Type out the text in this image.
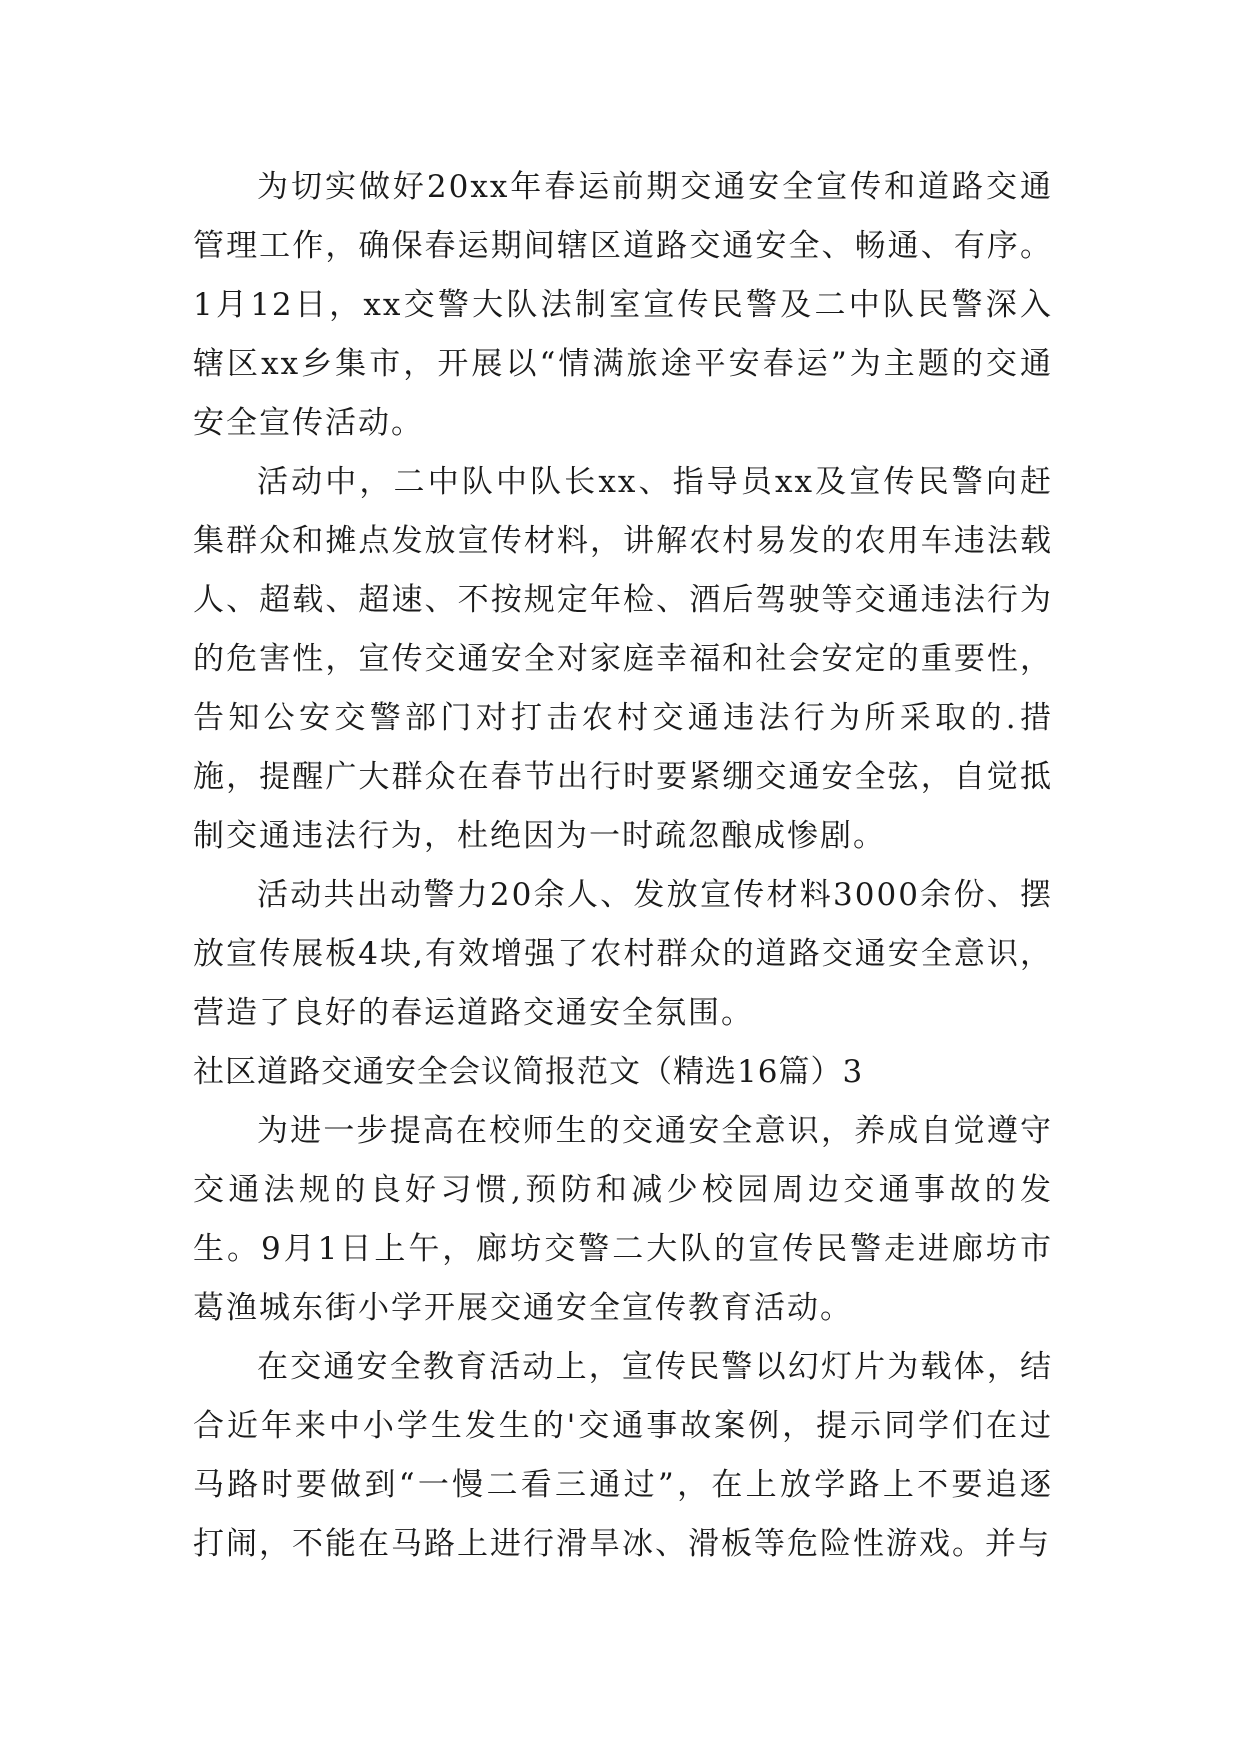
为切实做好20xx年春运前期交通安全宣传和道路交通管理工作，确保春运期间辖区道路交通安全、畅通、有序。1月12日，xx交警大队法制室宣传民警及二中队民警深入辖区xx乡集市，开展以“情满旅途平安春运”为主题的交通安全宣传活动。

活动中，二中队中队长xx、指导员xx及宣传民警向赶集群众和摊点发放宣传材料，讲解农村易发的农用车违法载人、超载、超速、不按规定年检、酒后驾驶等交通违法行为的危害性，宣传交通安全对家庭幸福和社会安定的重要性，告知公安交警部门对打击农村交通违法行为所采取的.措施，提醒广大群众在春节出行时要紧绷交通安全弦，自觉抵制交通违法行为，杜绝因为一时疏忽酿成惨剧。

活动共出动警力20余人、发放宣传材料3000余份、摆放宣传展板4块,有效增强了农村群众的道路交通安全意识，营造了良好的春运道路交通安全氛围。

社区道路交通安全会议简报范文（精选16篇）3

为进一步提高在校师生的交通安全意识，养成自觉遵守交通法规的良好习惯,预防和减少校园周边交通事故的发生。9月1日上午，廊坊交警二大队的宣传民警走进廊坊市葛渔城东街小学开展交通安全宣传教育活动。

在交通安全教育活动上，宣传民警以幻灯片为载体，结合近年来中小学生发生的'交通事故案例，提示同学们在过马路时要做到“一慢二看三通过”，在上放学路上不要追逐打闹，不能在马路上进行滑旱冰、滑板等危险性游戏。并与
